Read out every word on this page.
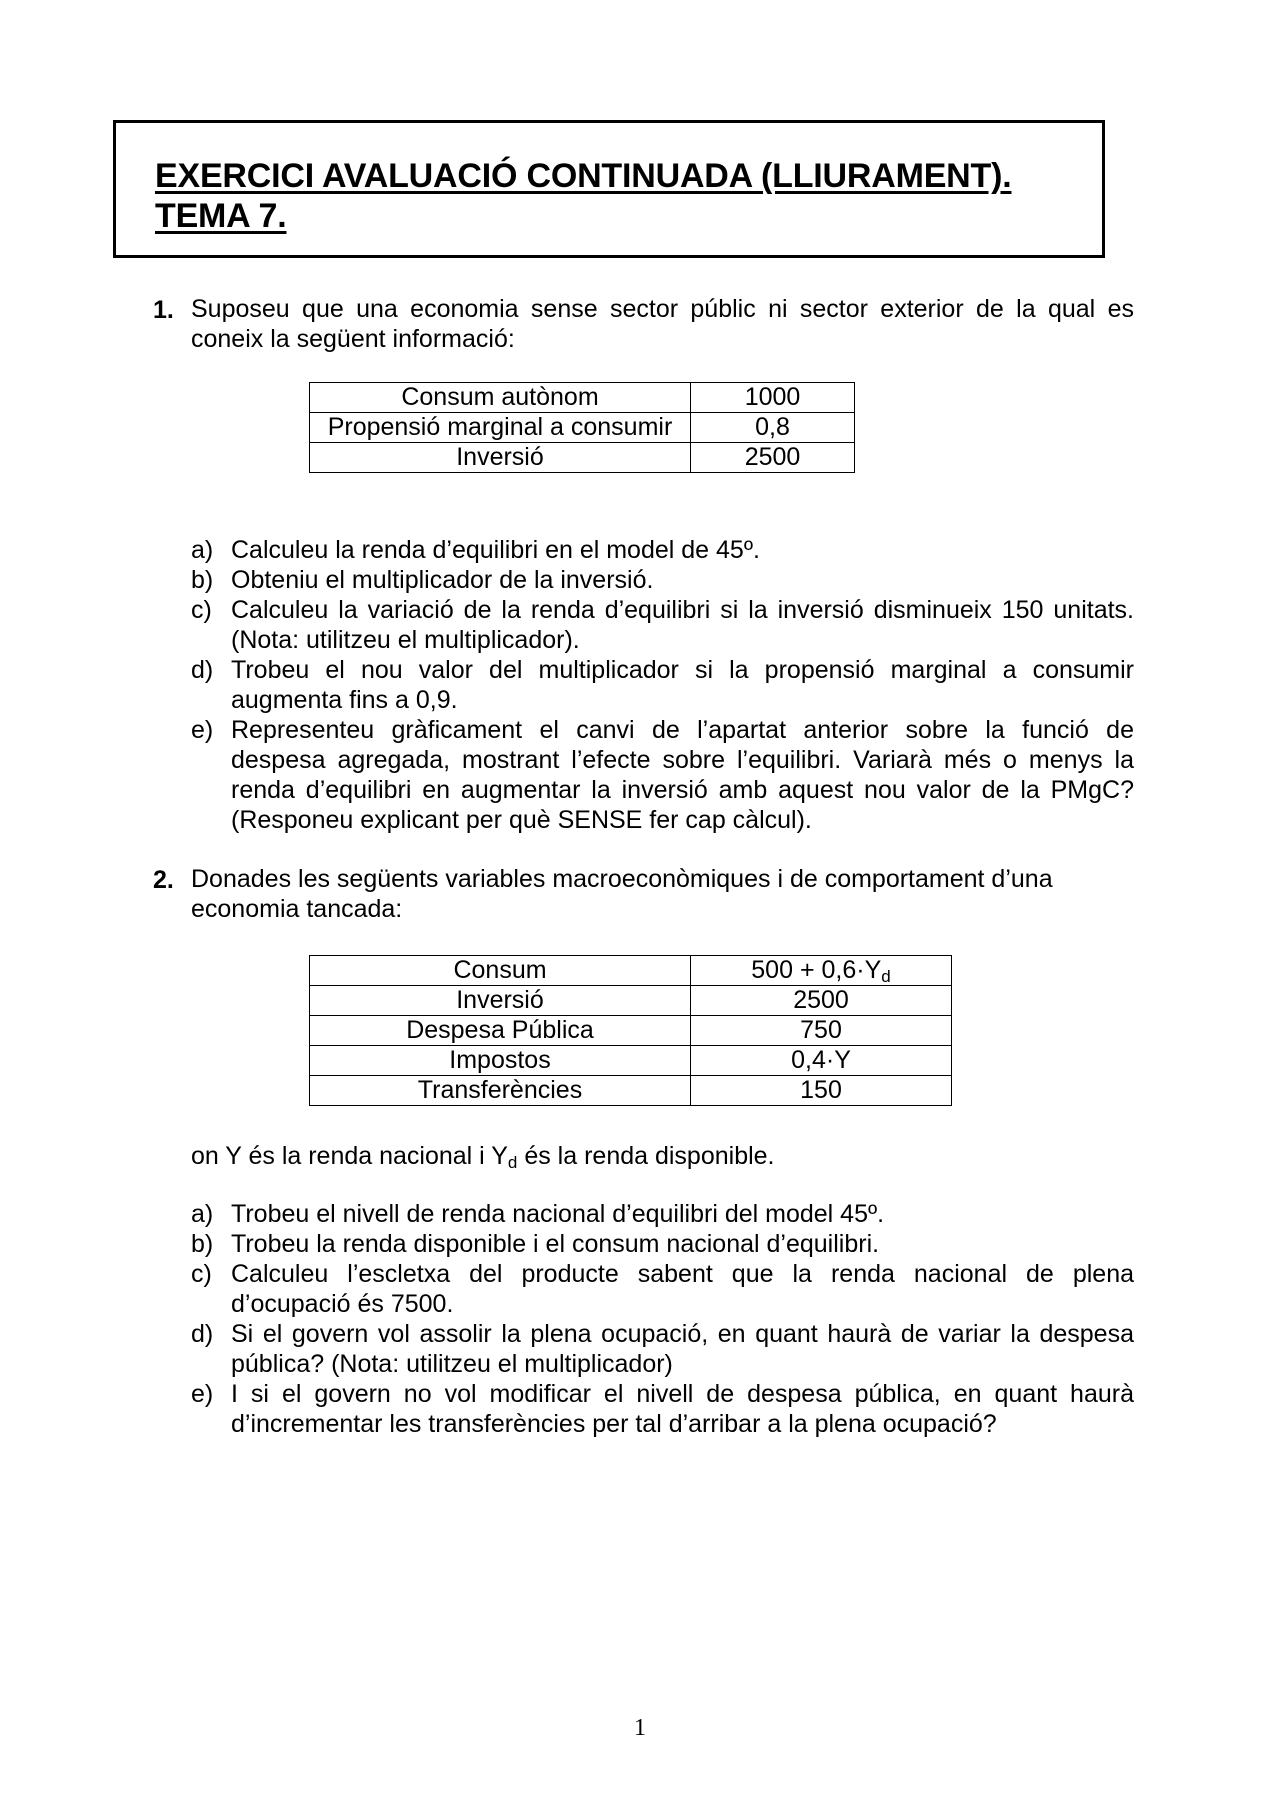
EXERCICI AVALUACIÓ CONTINUADA (LLIURAMENT).
TEMA 7.
1. Suposeu que una economia sense sector públic ni sector exterior de la qual es
coneix la següent informació:
Consum autònom	1000
Propensió marginal a consumir	0,8
Inversió	2500
a) Calculeu la renda d’equilibri en el model de 45º.
b) Obteniu el multiplicador de la inversió.
c) Calculeu la variació de la renda d’equilibri si la inversió disminueix 150 unitats.
(Nota: utilitzeu el multiplicador).
d) Trobeu el nou valor del multiplicador si la propensió marginal a consumir
augmenta fins a 0,9.
e) Representeu gràficament el canvi de l’apartat anterior sobre la funció de
despesa agregada, mostrant l’efecte sobre l’equilibri. Variarà més o menys la
renda d’equilibri en augmentar la inversió amb aquest nou valor de la PMgC?
(Responeu explicant per què SENSE fer cap càlcul).
2. Donades les següents variables macroeconòmiques i de comportament d’una
economia tancada:
Consum	$500 + 0,6\cdot Y_d$
Inversió	2500
Despesa Pública	750
Impostos	0,4·Y
Transferències	150
on Y és la renda nacional i $Y_d$ és la renda disponible.
a) Trobeu el nivell de renda nacional d’equilibri del model 45º.
b) Trobeu la renda disponible i el consum nacional d’equilibri.
c) Calculeu l’escletxa del producte sabent que la renda nacional de plena
d’ocupació és 7500.
d) Si el govern vol assolir la plena ocupació, en quant haurà de variar la despesa
pública? (Nota: utilitzeu el multiplicador)
e) I si el govern no vol modificar el nivell de despesa pública, en quant haurà
d’incrementar les transferències per tal d’arribar a la plena ocupació?
1
